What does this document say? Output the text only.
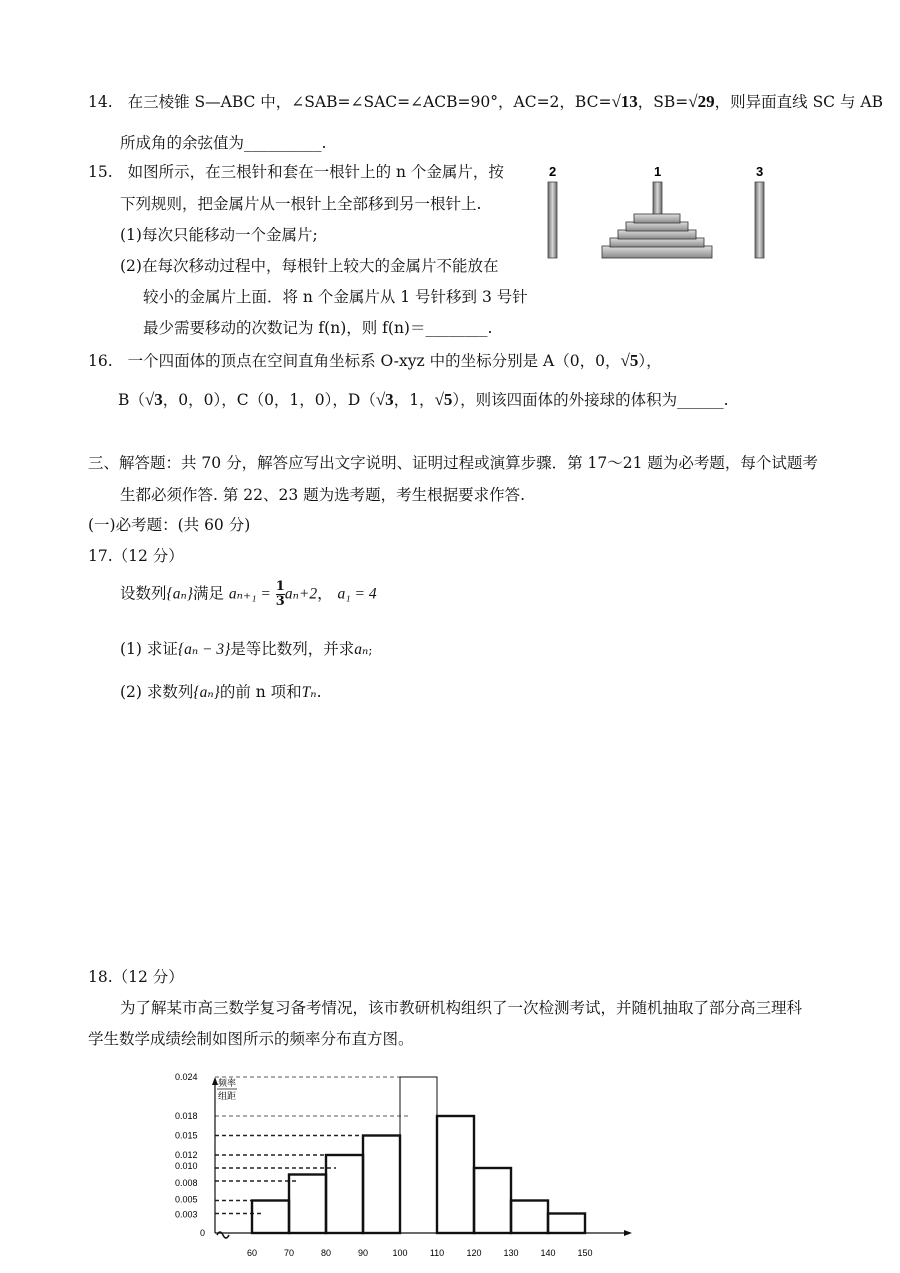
14. 在三棱锥 S—ABC 中，∠SAB=∠SAC=∠ACB=90°，AC=2，BC=√13，SB=√29，则异面直线 SC 与 AB
所成角的余弦值为__________.
15. 如图所示，在三根针和套在一根针上的 n 个金属片，按
下列规则，把金属片从一根针上全部移到另一根针上.
(1)每次只能移动一个金属片;
(2)在每次移动过程中，每根针上较大的金属片不能放在
较小的金属片上面．将 n 个金属片从 1 号针移到 3 号针
最少需要移动的次数记为 f(n)，则 f(n)＝________.
2	1	3
16. 一个四面体的顶点在空间直角坐标系 O-xyz 中的坐标分别是 A（0，0，√5），
B（√3，0，0），C（0，1，0），D（√3，1，√5），则该四面体的外接球的体积为______.
三、解答题：共 70 分，解答应写出文字说明、证明过程或演算步骤．第 17～21 题为必考题，每个试题考
生都必须作答. 第 22、23 题为选考题，考生根据要求作答.
(一)必考题：(共 60 分)
17.（12 分）
设数列{aₙ}满足 $a_{n+1} = \frac{1}{3} a_n+2$， a₁ = 4
(1) 求证{aₙ − 3}是等比数列，并求aₙ;
(2) 求数列{aₙ}的前 n 项和Tₙ.
18.（12 分）
为了解某市高三数学复习备考情况，该市教研机构组织了一次检测考试，并随机抽取了部分高三理科
学生数学成绩绘制如图所示的频率分布直方图。
频率
组距
0.024
0.018
0.015
0.012
0.010
0.008
0.005
0.003
0
60	70	80	90	100 110 120 130 140 150
